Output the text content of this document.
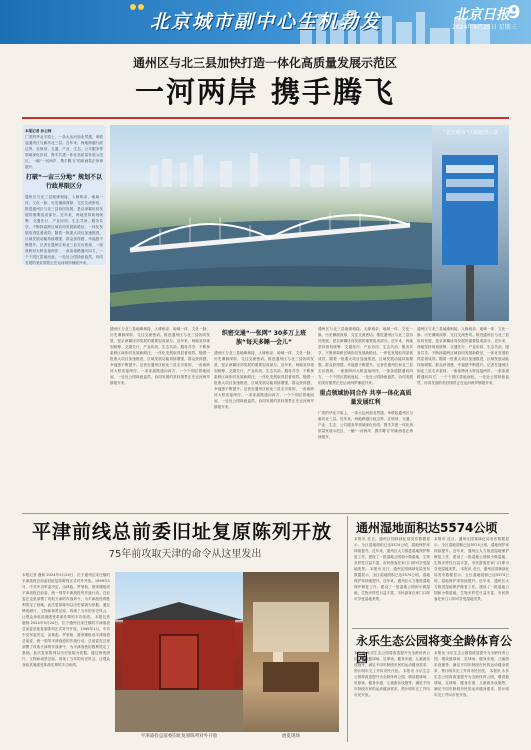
北京城市副中心生机勃发	北京日报
9
2024年9月25日 星期三
通州区与北三县加快打造一体化高质量发展示范区
一河两岸 携手腾飞
本报记者 孙云柯
广袤的华北平原上，一条大运河南北贯通，串联起通州区与廊坊北三县。近年来，两地跨越行政边界，在规划、交通、产业、生态、公共服务等领域深化协同，携手共建一体化高质量发展示范区，一幅“一河两岸、携手腾飞”的新画卷正徐徐展开。
打破“一亩三分地” 规划不以行政界限区分
通州区与北三县地缘相接、人缘相亲，地域一体、文化一脉，历史渊源深厚，交往交流密切。推进通州区与北三县协同发展，是京津冀协同发展的重要组成部分。近年来，两地坚持规划统筹、交通先行、产业协同、生态共治、服务共享，不断探索跨区域协同发展新路径，一体化发展取得显著成效。随着一批重大项目加速推进，区域发展动能持续增强，群众获得感、幸福感不断提升。记者在通州区和北三县走访看到，一座座跨河大桥连接两岸，一条条道路通向四方，一个个园区拔地而起，一处处公园绿意盎然，协同发展的美好图景正在运河两岸铺展开来。
“北京通州”区域地图示意
通州区与北三县地缘相接、人缘相亲，地域一体、文化一脉，历史渊源深厚，交往交流密切。推进通州区与北三县协同发展，是京津冀协同发展的重要组成部分。近年来，两地坚持规划统筹、交通先行、产业协同、生态共治、服务共享，不断探索跨区域协同发展新路径，一体化发展取得显著成效。随着一批重大项目加速推进，区域发展动能持续增强，群众获得感、幸福感不断提升。记者在通州区和北三县走访看到，一座座跨河大桥连接两岸，一条条道路通向四方，一个个园区拔地而起，一处处公园绿意盎然，协同发展的美好图景正在运河两岸铺展开来。
织密交通“一张网” 30多万上班族“每天多睡一会儿”
通州区与北三县地缘相接、人缘相亲，地域一体、文化一脉，历史渊源深厚，交往交流密切。推进通州区与北三县协同发展，是京津冀协同发展的重要组成部分。近年来，两地坚持规划统筹、交通先行、产业协同、生态共治、服务共享，不断探索跨区域协同发展新路径，一体化发展取得显著成效。随着一批重大项目加速推进，区域发展动能持续增强，群众获得感、幸福感不断提升。记者在通州区和北三县走访看到，一座座跨河大桥连接两岸，一条条道路通向四方，一个个园区拔地而起，一处处公园绿意盎然，协同发展的美好图景正在运河两岸铺展开来。
通州区与北三县地缘相接、人缘相亲，地域一体、文化一脉，历史渊源深厚，交往交流密切。推进通州区与北三县协同发展，是京津冀协同发展的重要组成部分。近年来，两地坚持规划统筹、交通先行、产业协同、生态共治、服务共享，不断探索跨区域协同发展新路径，一体化发展取得显著成效。随着一批重大项目加速推进，区域发展动能持续增强，群众获得感、幸福感不断提升。记者在通州区和北三县走访看到，一座座跨河大桥连接两岸，一条条道路通向四方，一个个园区拔地而起，一处处公园绿意盎然，协同发展的美好图景正在运河两岸铺展开来。
重点领域协同合作 共享一体化高质量发展红利
广袤的华北平原上，一条大运河南北贯通，串联起通州区与廊坊北三县。近年来，两地跨越行政边界，在规划、交通、产业、生态、公共服务等领域深化协同，携手共建一体化高质量发展示范区，一幅“一河两岸、携手腾飞”的新画卷正徐徐展开。
通州区与北三县地缘相接、人缘相亲，地域一体、文化一脉，历史渊源深厚，交往交流密切。推进通州区与北三县协同发展，是京津冀协同发展的重要组成部分。近年来，两地坚持规划统筹、交通先行、产业协同、生态共治、服务共享，不断探索跨区域协同发展新路径，一体化发展取得显著成效。随着一批重大项目加速推进，区域发展动能持续增强，群众获得感、幸福感不断提升。记者在通州区和北三县走访看到，一座座跨河大桥连接两岸，一条条道路通向四方，一个个园区拔地而起，一处处公园绿意盎然，协同发展的美好图景正在运河两岸铺展开来。
平津前线总前委旧址复原陈列开放
75年前攻取天津的命令从这里发出
本报记者 鹿杨 2024年9月24日，位于通州区宋庄镇的平津战役总前委旧址复原陈列正式对外开放。1949年1月，中共中央军委决定，由林彪、罗荣桓、聂荣臻组成平津战役总前委，统一领导平津战役的作战行动。总前委在这里部署了攻取天津的作战命令，为平津战役的胜利奠定了基础。此次复原陈列以历史原貌为依据，通过珍贵照片、文物和场景还原，再现了当年的历史风云，让观众身临其境感受革命先辈的丰功伟绩。 本报记者 鹿杨 2024年9月24日，位于通州区宋庄镇的平津战役总前委旧址复原陈列正式对外开放。1949年1月，中共中央军委决定，由林彪、罗荣桓、聂荣臻组成平津战役总前委，统一领导平津战役的作战行动。总前委在这里部署了攻取天津的作战命令，为平津战役的胜利奠定了基础。此次复原陈列以历史原貌为依据，通过珍贵照片、文物和场景还原，再现了当年的历史风云，让观众身临其境感受革命先辈的丰功伟绩。
平津战役总前委旧址复原陈列对外开放	展览现场
通州湿地面积达5574公顷
本报讯 近日，通州区园林绿化局发布数据显示，全区湿地面积已达5574公顷，湿地保护率持续提升。近年来，通州区大力推进湿地保护修复工作，建设了一批湿地公园和小微湿地，生物多样性日益丰富，市民游客在家门口即可享受湿地美景。 本报讯 近日，通州区园林绿化局发布数据显示，全区湿地面积已达5574公顷，湿地保护率持续提升。近年来，通州区大力推进湿地保护修复工作，建设了一批湿地公园和小微湿地，生物多样性日益丰富，市民游客在家门口即可享受湿地美景。
本报讯 近日，通州区园林绿化局发布数据显示，全区湿地面积已达5574公顷，湿地保护率持续提升。近年来，通州区大力推进湿地保护修复工作，建设了一批湿地公园和小微湿地，生物多样性日益丰富，市民游客在家门口即可享受湿地美景。 本报讯 近日，通州区园林绿化局发布数据显示，全区湿地面积已达5574公顷，湿地保护率持续提升。近年来，通州区大力推进湿地保护修复工作，建设了一批湿地公园和小微湿地，生物多样性日益丰富，市民游客在家门口即可享受湿地美景。
永乐生态公园将变全龄体育公园
本报讯 永乐生态公园将改造提升为全龄体育公园，增设篮球场、足球场、健身步道、儿童游乐设施等，满足不同年龄段市民的运动健身需求，预计明年完工并向市民开放。 本报讯 永乐生态公园将改造提升为全龄体育公园，增设篮球场、足球场、健身步道、儿童游乐设施等，满足不同年龄段市民的运动健身需求，预计明年完工并向市民开放。
本报讯 永乐生态公园将改造提升为全龄体育公园，增设篮球场、足球场、健身步道、儿童游乐设施等，满足不同年龄段市民的运动健身需求，预计明年完工并向市民开放。 本报讯 永乐生态公园将改造提升为全龄体育公园，增设篮球场、足球场、健身步道、儿童游乐设施等，满足不同年龄段市民的运动健身需求，预计明年完工并向市民开放。
